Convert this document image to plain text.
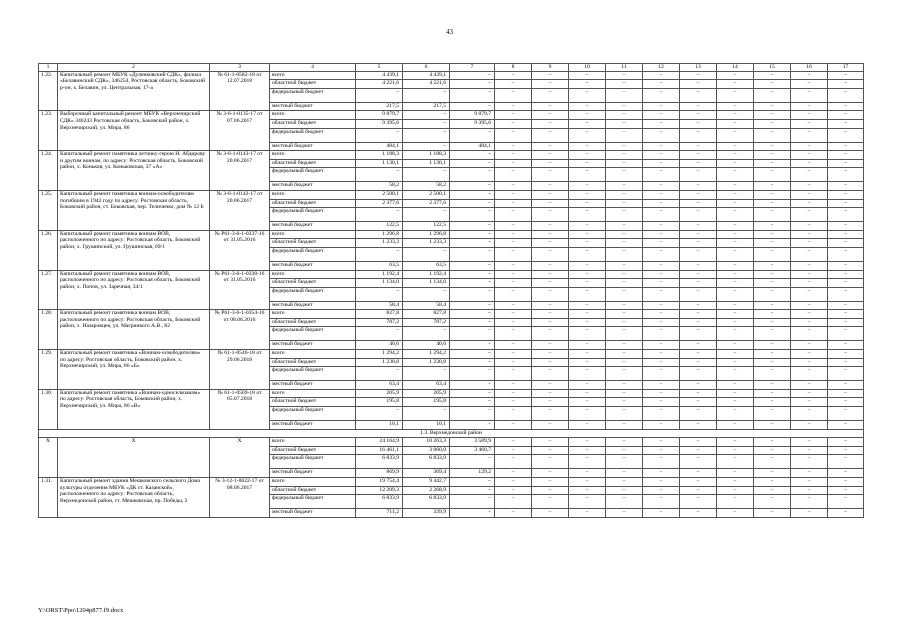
43
1	2	3	4	5	6	7	8	9	10	11	12	13	14	15	16	17
1.22.	Капитальный ремонт МБУК «Дуленковский СДК», филиал «Белавинский СДК», 346254, Ростовская область, Боковский р-он, х. Белавин, ул. Центральная, 17-а	№ 61-1-0582-18 от 12.07.2018	всего	4 439,1	4 439,1	–	–	–	–	–	–	–	–	–	–	–
			областной бюджет	4 221,6	4 221,6	–	–	–	–	–	–	–	–	–	–	–
			федеральный бюджет	–	–	–	–	–	–	–	–	–	–	–	–	–
			местный бюджет	217,5	217,5	–	–	–	–	–	–	–	–	–	–	–
1.23.	Выборочный капитальный ремонт МБУК «Верхнечирский СДК» 346243 Ростовская область, Боковский район, х. Верхнечирский, ул. Мира, 86	№ 3-6-1-0135-17 от 07.06.2017	всего	9 879,7	–	9 879,7	–	–	–	–	–	–	–	–	–	–
			областной бюджет	9 395,6	–	9 395,6	–	–	–	–	–	–	–	–	–	–
			федеральный бюджет	–	–	–	–	–	–	–	–	–	–	–	–	–
			местный бюджет	484,1	–	484,1	–	–	–	–	–	–	–	–	–	–
1.24.	Капитальный ремонт памятника летчику-герою Н. Абдирову и другим воинам, по адресу: Ростовская область, Боковский район, х. Коньков, ул. Коньковская, 37 «А»	№ 3-6-1-0143-17 от 20.06.2017	всего	1 188,3	1 188,3	–	–	–	–	–	–	–	–	–	–	–
			областной бюджет	1 130,1	1 130,1	–	–	–	–	–	–	–	–	–	–	–
			федеральный бюджет	–	–	–	–	–	–	–	–	–	–	–	–	–
			местный бюджет	58,2	58,2	–	–	–	–	–	–	–	–	–	–	–
1.25.	Капитальный ремонт памятника воинам-освободителям погибшим в 1942 году по адресу: Ростовская область, Боковский район, ст. Боковская, пер. Теличенко, дом № 12 Б	№ 3-6-1-0142-17 от 20.06.2017	всего	2 500,1	2 500,1	–	–	–	–	–	–	–	–	–	–	–
			областной бюджет	2 377,6	2 377,6	–	–	–	–	–	–	–	–	–	–	–
			федеральный бюджет	–	–	–	–	–	–	–	–	–	–	–	–	–
			местный бюджет	122,5	122,5	–	–	–	–	–	–	–	–	–	–	–
1.26.	Капитальный ремонт памятника воинам ВОВ, расположенного по адресу: Ростовская область, Боковский район, х. Грушинский, ул. Грушинская, 69/1	№ Р61-3-6-1-0337-16 от 31.05.2016	всего	1 296,8	1 296,8	–	–	–	–	–	–	–	–	–	–	–
			областной бюджет	1 233,3	1 233,3	–	–	–	–	–	–	–	–	–	–	–
			федеральный бюджет	–	–	–	–	–	–	–	–	–	–	–	–	–
			местный бюджет	63,5	63,5	–	–	–	–	–	–	–	–	–	–	–
1.27.	Капитальный ремонт памятника воинам ВОВ, расположенного по адресу: Ростовская область, Боковский район, х. Попов, ул. Заречная, 34/1	№ Р61-3-6-1-0338-16 от 31.05.2016	всего	1 192,4	1 192,4	–	–	–	–	–	–	–	–	–	–	–
			областной бюджет	1 134,0	1 134,0	–	–	–	–	–	–	–	–	–	–	–
			федеральный бюджет	–	–	–	–	–	–	–	–	–	–	–	–	–
			местный бюджет	58,4	58,4	–	–	–	–	–	–	–	–	–	–	–
1.28.	Капитальный ремонт памятника воинам ВОВ, расположенного по адресу: Ростовская область, Боковский район, х. Назаровцев, ул. Магринкого А.В., 82	№ Р61-3-6-1-0354-16 от 08.06.2016	всего	827,8	827,8	–	–	–	–	–	–	–	–	–	–	–
			областной бюджет	787,2	787,2	–	–	–	–	–	–	–	–	–	–	–
			федеральный бюджет	–	–	–	–	–	–	–	–	–	–	–	–	–
			местный бюджет	40,6	40,6	–	–	–	–	–	–	–	–	–	–	–
1.29.	Капитальный ремонт памятника «Воинам-освободителям» по адресу: Ростовская область, Боковский район, х. Верхнечирский, ул. Мира, 86 «Б»	№ 61-1-0546-18 от 29.06.2018	всего	1 294,2	1 294,2	–	–	–	–	–	–	–	–	–	–	–
			областной бюджет	1 230,8	1 230,8	–	–	–	–	–	–	–	–	–	–	–
			федеральный бюджет	–	–	–	–	–	–	–	–	–	–	–	–	–
			местный бюджет	63,4	63,4	–	–	–	–	–	–	–	–	–	–	–
1.30.	Капитальный ремонт памятника «Воинам-односельчанам» по адресу: Ростовская область, Боковский район, х. Верхнечирский, ул. Мира, 86 «В»	№ 61-1-0569-18 от 05.07.2018	всего	205,9	205,9	–	–	–	–	–	–	–	–	–	–	–
			областной бюджет	195,8	195,8	–	–	–	–	–	–	–	–	–	–	–
			федеральный бюджет	–	–	–	–	–	–	–	–	–	–	–	–	–
			местный бюджет	10,1	10,1	–	–	–	–	–	–	–	–	–	–	–
1.3. Верхнедонской район																
Х	Х	Х	всего	24 164,9	10 263,3	3 589,9	–	–	–	–	–	–	–	–	–	–
			областной бюджет	16 461,1	3 060,0	3 460,7	–	–	–	–	–	–	–	–	–	–
			федеральный бюджет	6 833,9	6 833,9	–	–	–	–	–	–	–	–	–	–	–
			местный бюджет	869,9	369,4	129,2	–	–	–	–	–	–	–	–	–	–
1.31.	Капитальный ремонт здания Мешковского сельского Дома культуры отделения МБУК «ДК ст. Казанской», расположенного по адресу: Ростовская область, Верхнедонской район, ст. Мешковская, пр. Победы, 2	№ 3-12-1-0022-17 от 08.06.2017	всего	19 754,4	9 442,7	–	–	–	–	–	–	–	–	–	–	–
			областной бюджет	12 209,3	2 268,9	–	–	–	–	–	–	–	–	–	–	–
			федеральный бюджет	6 833,9	6 833,9	–	–	–	–	–	–	–	–	–	–	–
			местный бюджет	711,2	339,9	–	–	–	–	–	–	–	–	–	–	–
Y:\ORST\Ppo\1204p877.f9.docx
